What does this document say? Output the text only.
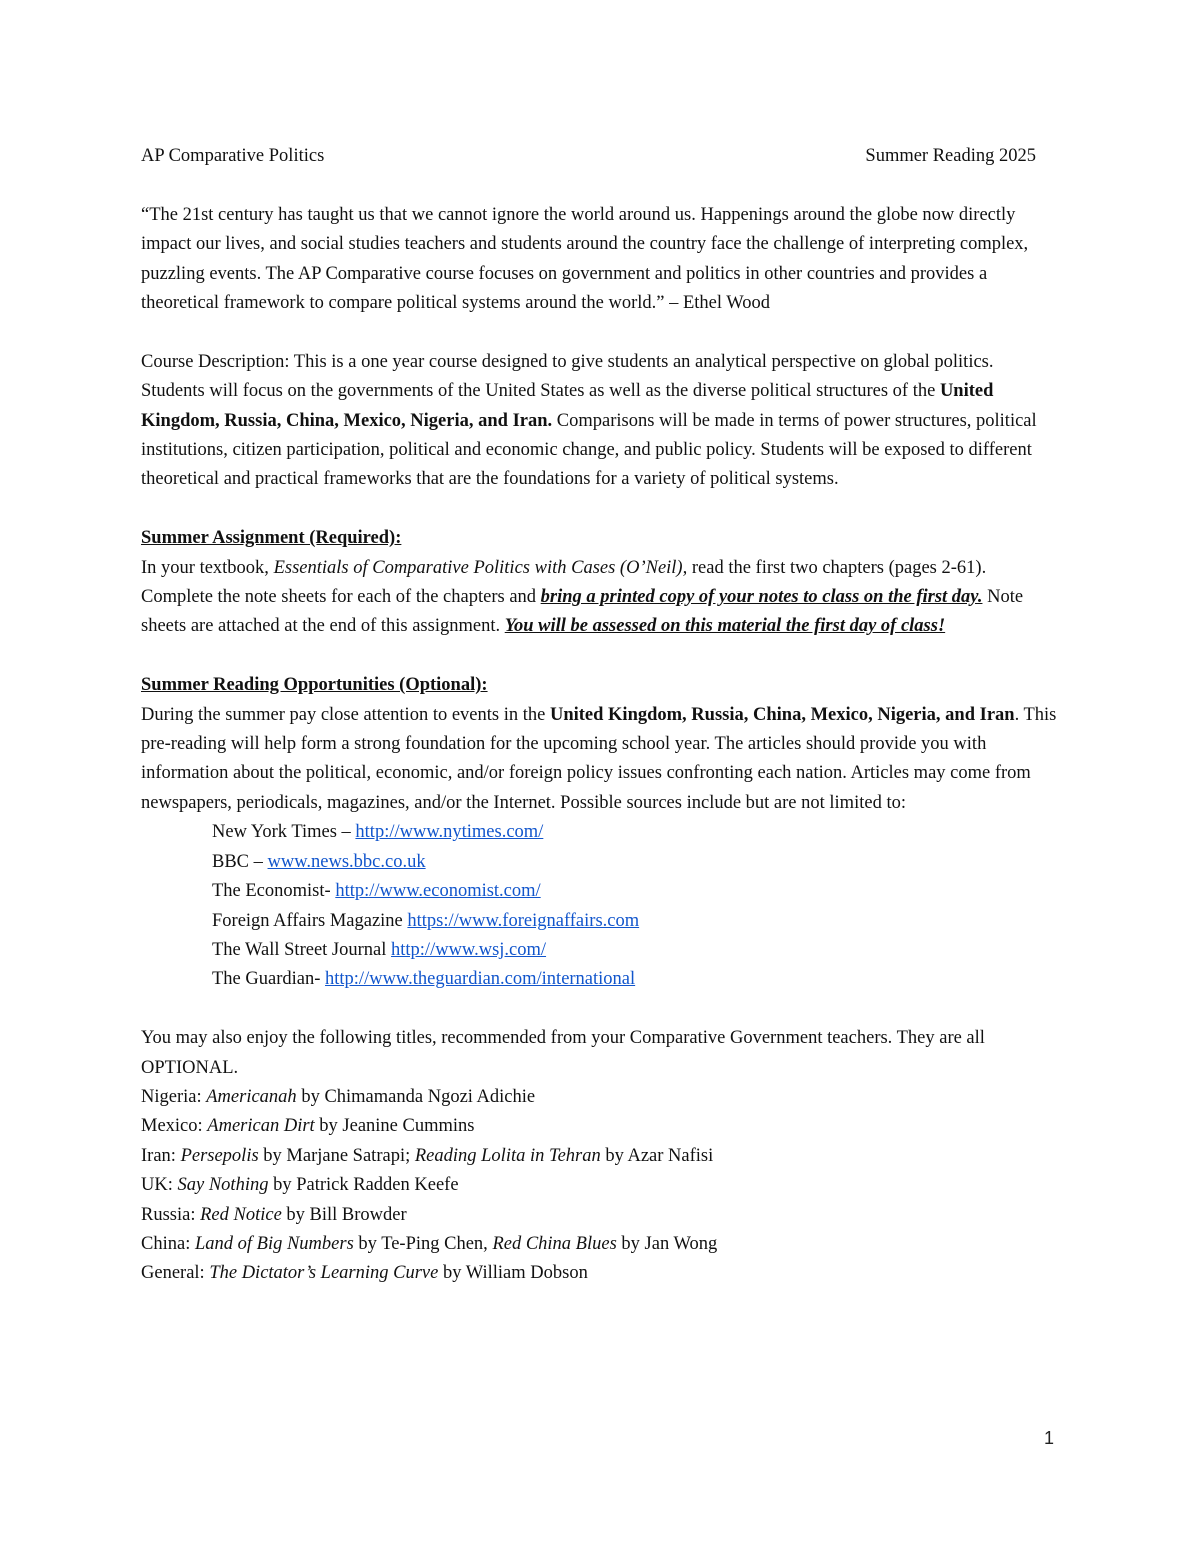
AP Comparative Politics	Summer Reading 2025

“The 21st century has taught us that we cannot ignore the world around us. Happenings around the globe now directly impact our lives, and social studies teachers and students around the country face the challenge of interpreting complex, puzzling events. The AP Comparative course focuses on government and politics in other countries and provides a theoretical framework to compare political systems around the world.” – Ethel Wood

Course Description: This is a one year course designed to give students an analytical perspective on global politics. Students will focus on the governments of the United States as well as the diverse political structures of the United Kingdom, Russia, China, Mexico, Nigeria, and Iran. Comparisons will be made in terms of power structures, political institutions, citizen participation, political and economic change, and public policy. Students will be exposed to different theoretical and practical frameworks that are the foundations for a variety of political systems.

Summer Assignment (Required):

In your textbook, Essentials of Comparative Politics with Cases (O’Neil), read the first two chapters (pages 2-61). Complete the note sheets for each of the chapters and bring a printed copy of your notes to class on the first day. Note sheets are attached at the end of this assignment. You will be assessed on this material the first day of class!

Summer Reading Opportunities (Optional):

During the summer pay close attention to events in the United Kingdom, Russia, China, Mexico, Nigeria, and Iran. This pre-reading will help form a strong foundation for the upcoming school year. The articles should provide you with information about the political, economic, and/or foreign policy issues confronting each nation. Articles may come from newspapers, periodicals, magazines, and/or the Internet. Possible sources include but are not limited to:

New York Times – http://www.nytimes.com/

BBC – www.news.bbc.co.uk

The Economist- http://www.economist.com/

Foreign Affairs Magazine https://www.foreignaffairs.com

The Wall Street Journal http://www.wsj.com/

The Guardian- http://www.theguardian.com/international

You may also enjoy the following titles, recommended from your Comparative Government teachers. They are all OPTIONAL.

Nigeria: Americanah by Chimamanda Ngozi Adichie

Mexico: American Dirt by Jeanine Cummins

Iran: Persepolis by Marjane Satrapi; Reading Lolita in Tehran by Azar Nafisi

UK: Say Nothing by Patrick Radden Keefe

Russia: Red Notice by Bill Browder

China: Land of Big Numbers by Te-Ping Chen, Red China Blues by Jan Wong

General: The Dictator’s Learning Curve by William Dobson

1
